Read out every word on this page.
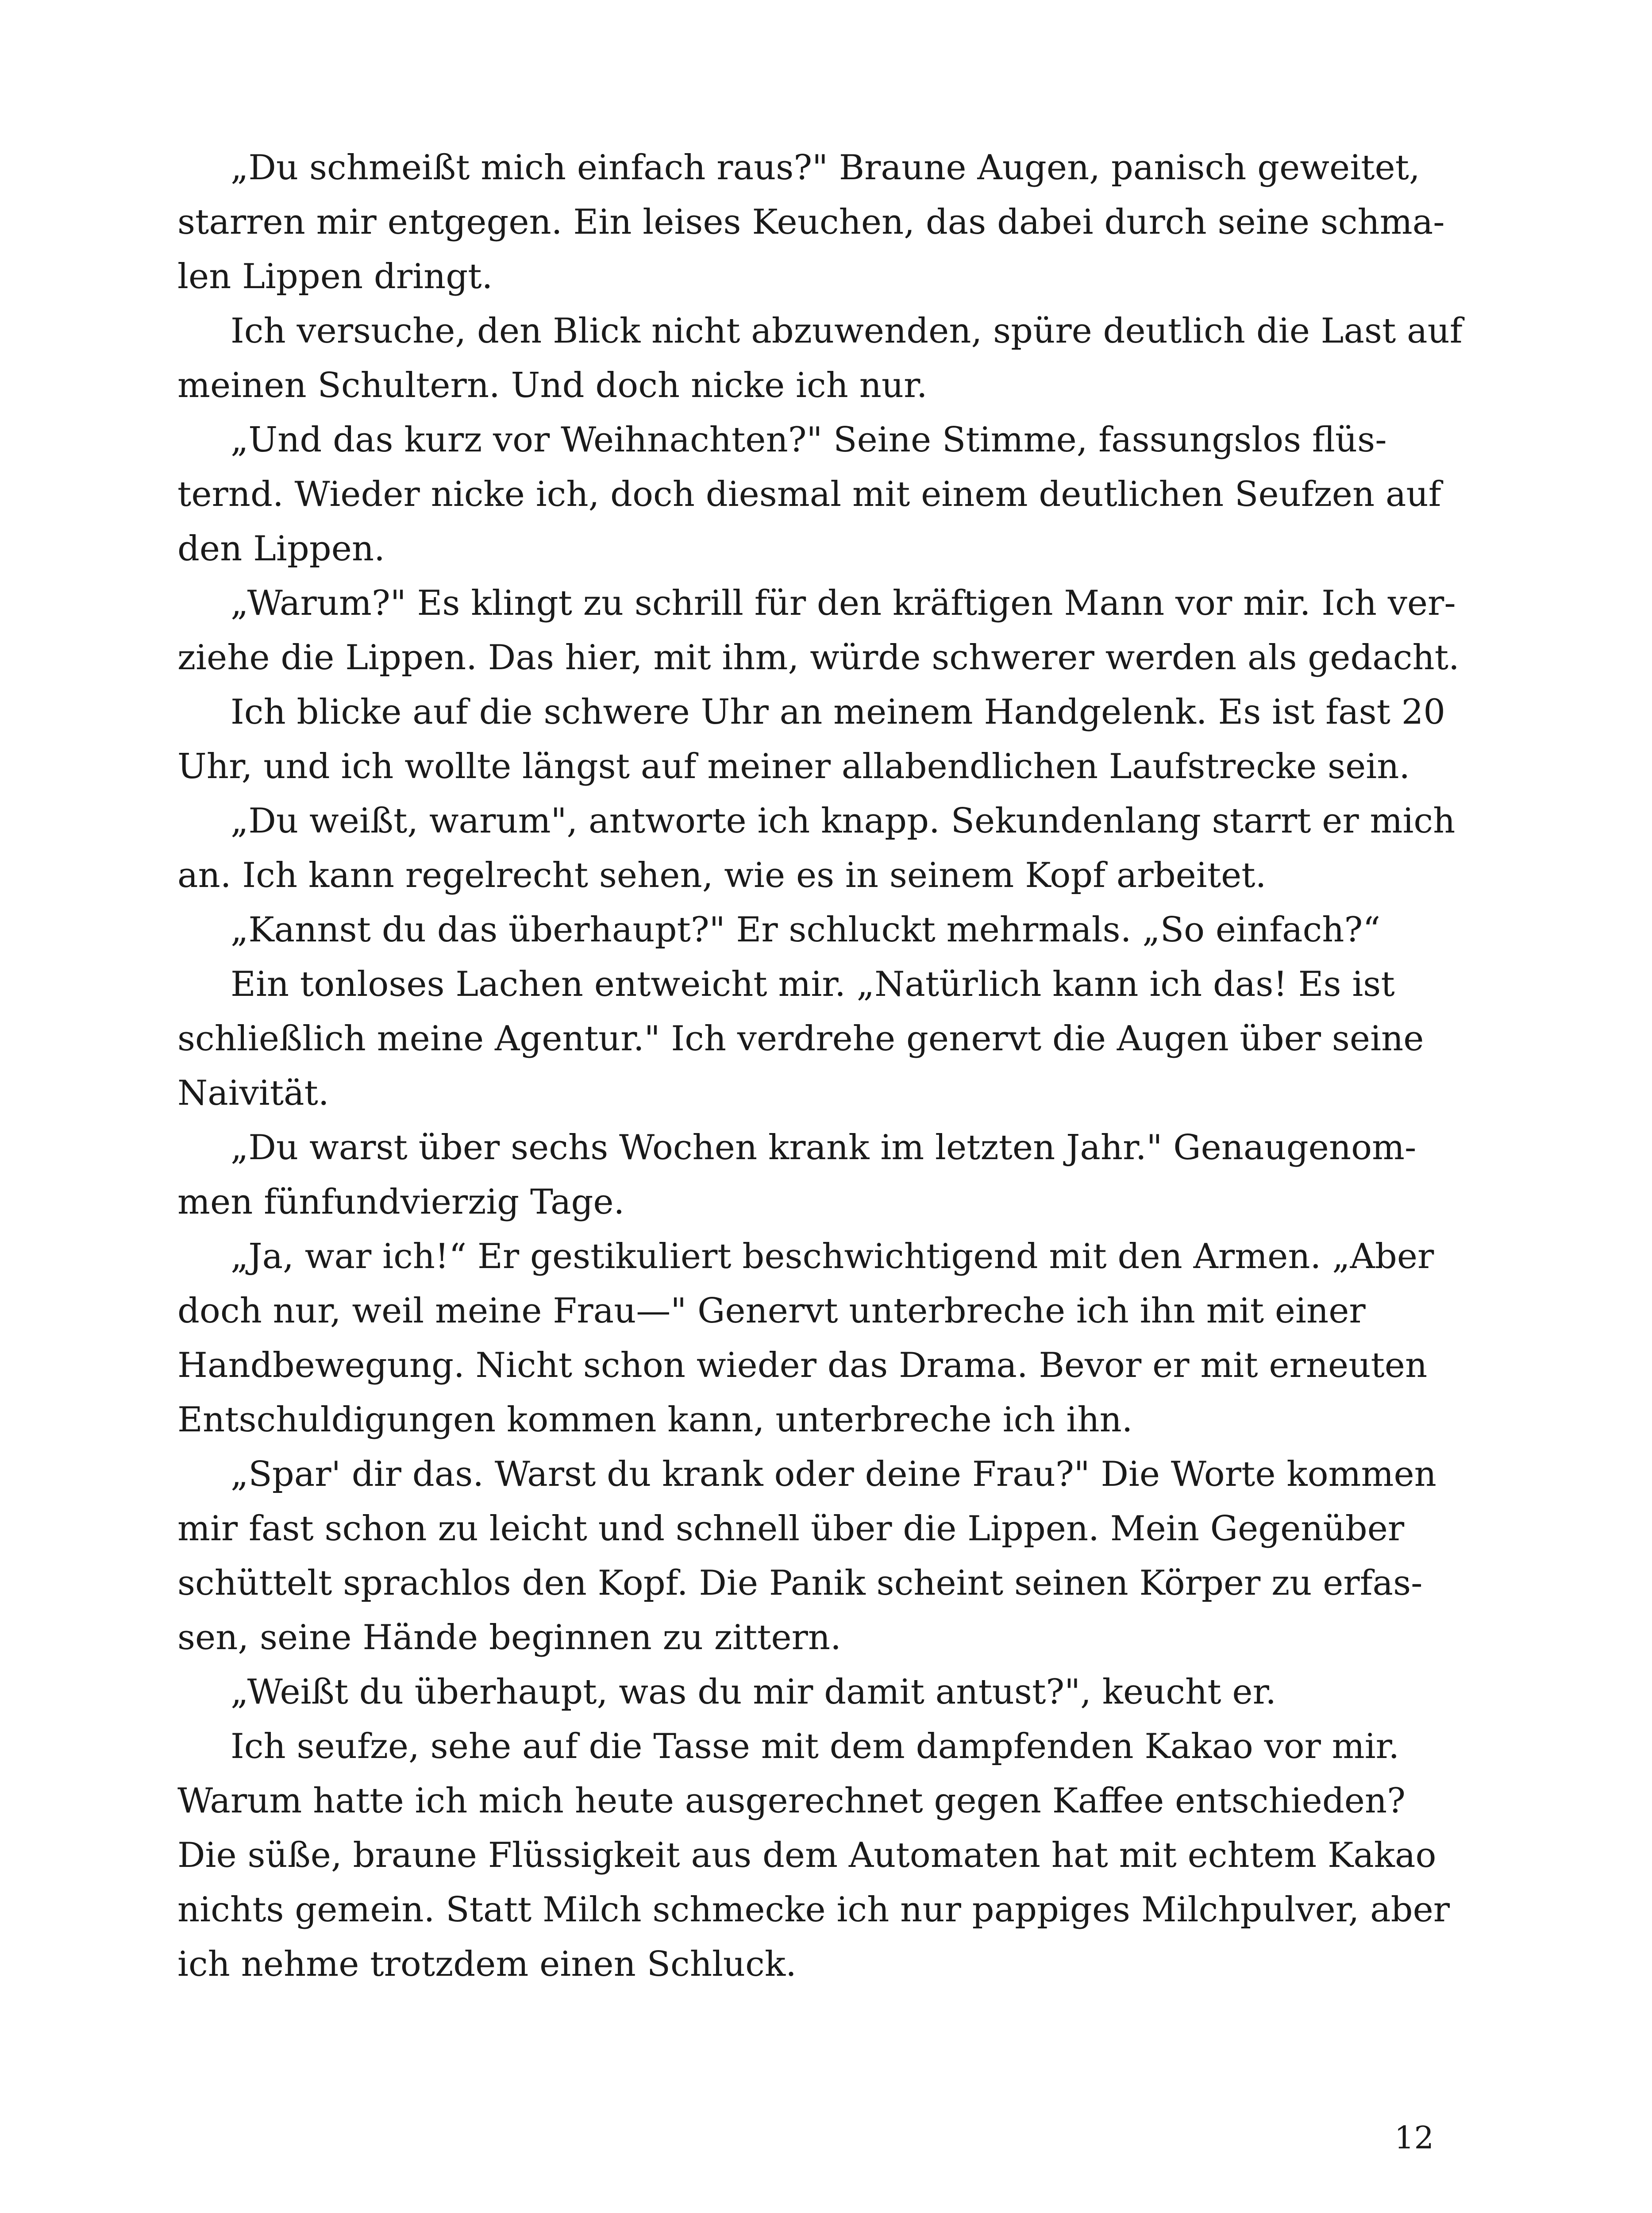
„Du schmeißt mich einfach raus?" Braune Augen, panisch geweitet,
starren mir entgegen. Ein leises Keuchen, das dabei durch seine schma-
len Lippen dringt.
Ich versuche, den Blick nicht abzuwenden, spüre deutlich die Last auf
meinen Schultern. Und doch nicke ich nur.
„Und das kurz vor Weihnachten?" Seine Stimme, fassungslos flüs-
ternd. Wieder nicke ich, doch diesmal mit einem deutlichen Seufzen auf
den Lippen.
„Warum?" Es klingt zu schrill für den kräftigen Mann vor mir. Ich ver-
ziehe die Lippen. Das hier, mit ihm, würde schwerer werden als gedacht.
Ich blicke auf die schwere Uhr an meinem Handgelenk. Es ist fast 20
Uhr, und ich wollte längst auf meiner allabendlichen Laufstrecke sein.
„Du weißt, warum", antworte ich knapp. Sekundenlang starrt er mich
an. Ich kann regelrecht sehen, wie es in seinem Kopf arbeitet.
„Kannst du das überhaupt?" Er schluckt mehrmals. „So einfach?“
Ein tonloses Lachen entweicht mir. „Natürlich kann ich das! Es ist
schließlich meine Agentur." Ich verdrehe genervt die Augen über seine
Naivität.
„Du warst über sechs Wochen krank im letzten Jahr." Genaugenom-
men fünfundvierzig Tage.
„Ja, war ich!“ Er gestikuliert beschwichtigend mit den Armen. „Aber
doch nur, weil meine Frau—" Genervt unterbreche ich ihn mit einer
Handbewegung. Nicht schon wieder das Drama. Bevor er mit erneuten
Entschuldigungen kommen kann, unterbreche ich ihn.
„Spar' dir das. Warst du krank oder deine Frau?" Die Worte kommen
mir fast schon zu leicht und schnell über die Lippen. Mein Gegenüber
schüttelt sprachlos den Kopf. Die Panik scheint seinen Körper zu erfas-
sen, seine Hände beginnen zu zittern.
„Weißt du überhaupt, was du mir damit antust?", keucht er.
Ich seufze, sehe auf die Tasse mit dem dampfenden Kakao vor mir.
Warum hatte ich mich heute ausgerechnet gegen Kaffee entschieden?
Die süße, braune Flüssigkeit aus dem Automaten hat mit echtem Kakao
nichts gemein. Statt Milch schmecke ich nur pappiges Milchpulver, aber
ich nehme trotzdem einen Schluck.
12
